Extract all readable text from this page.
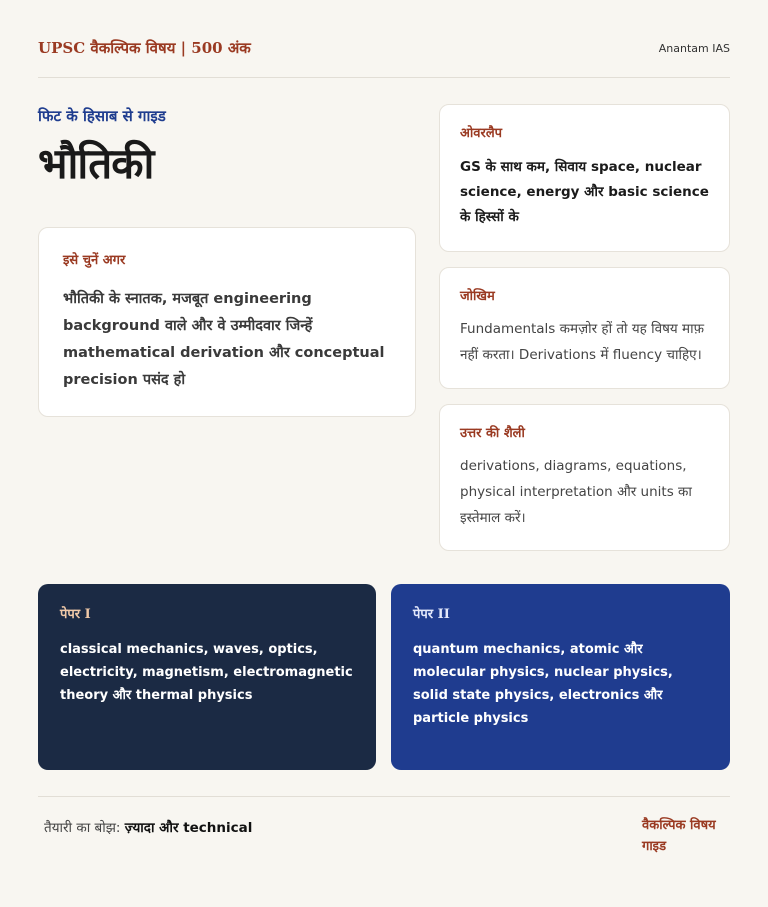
UPSC वैकल्पिक विषय | 500 अंक	Anantam IAS
फिट के हिसाब से गाइड
भौतिकी
इसे चुनें अगर
भौतिकी के स्नातक, मजबूत engineering background वाले और वे उम्मीदवार जिन्हें mathematical derivation और conceptual precision पसंद हो
ओवरलैप
GS के साथ कम, सिवाय space, nuclear science, energy और basic science के हिस्सों के
जोखिम
Fundamentals कमज़ोर हों तो यह विषय माफ़ नहीं करता। Derivations में fluency चाहिए।
उत्तर की शैली
derivations, diagrams, equations, physical interpretation और units का इस्तेमाल करें।
पेपर I
classical mechanics, waves, optics, electricity, magnetism, electromagnetic theory और thermal physics
पेपर II
quantum mechanics, atomic और molecular physics, nuclear physics, solid state physics, electronics और particle physics
तैयारी का बोझ: ज़्यादा और technical	वैकल्पिक विषय गाइड
